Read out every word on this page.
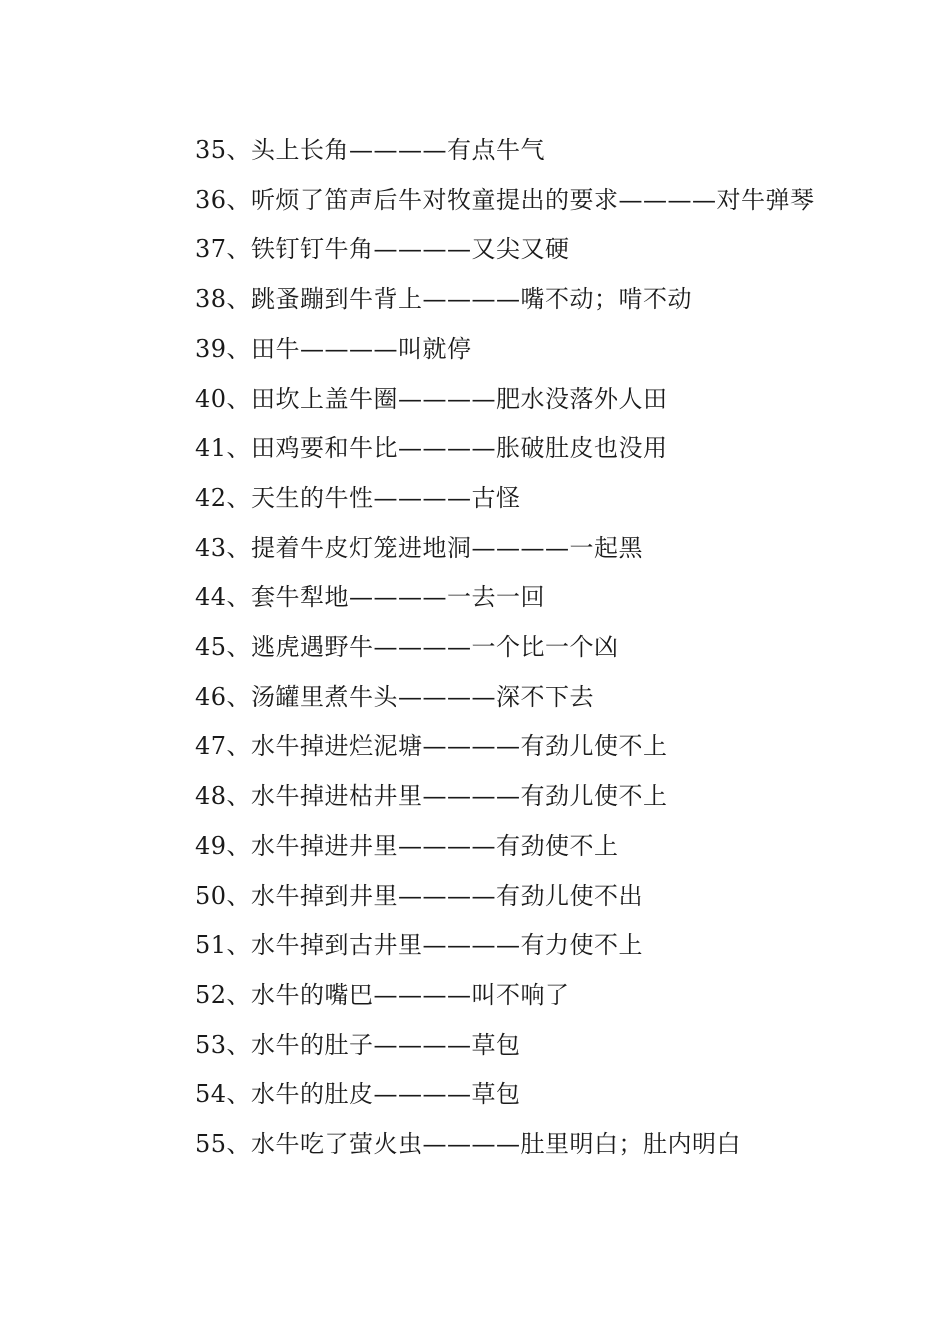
35、头上长角————有点牛气
36、听烦了笛声后牛对牧童提出的要求————对牛弹琴
37、铁钉钉牛角————又尖又硬
38、跳蚤蹦到牛背上————嘴不动；啃不动
39、田牛————叫就停
40、田坎上盖牛圈————肥水没落外人田
41、田鸡要和牛比————胀破肚皮也没用
42、天生的牛性————古怪
43、提着牛皮灯笼进地洞————一起黑
44、套牛犁地————一去一回
45、逃虎遇野牛————一个比一个凶
46、汤罐里煮牛头————深不下去
47、水牛掉进烂泥塘————有劲儿使不上
48、水牛掉进枯井里————有劲儿使不上
49、水牛掉进井里————有劲使不上
50、水牛掉到井里————有劲儿使不出
51、水牛掉到古井里————有力使不上
52、水牛的嘴巴————叫不响了
53、水牛的肚子————草包
54、水牛的肚皮————草包
55、水牛吃了萤火虫————肚里明白；肚内明白
